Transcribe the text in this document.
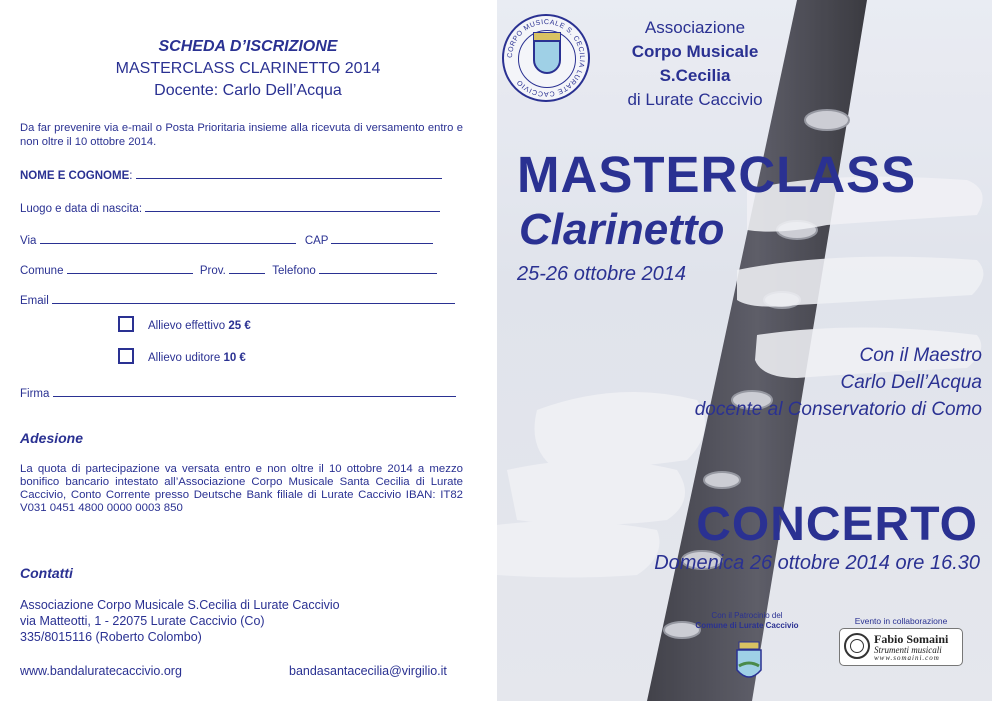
SCHEDA D’ISCRIZIONE
MASTERCLASS CLARINETTO 2014
Docente: Carlo Dell’Acqua
Da far prevenire via e-mail o Posta Prioritaria insieme alla ricevuta di versamento entro e non oltre il 10 ottobre 2014.
NOME E COGNOME:
Luogo e data di nascita:
Via	CAP
Comune	Prov.	Telefono
Email
Allievo effettivo 25 €
Allievo uditore 10 €
Firma
Adesione
La quota di partecipazione va versata entro e non oltre il 10 ottobre 2014 a mezzo bonifico bancario intestato all’Associazione Corpo Musicale Santa Cecilia di Lurate Caccivio, Conto Corrente presso Deutsche Bank filiale di Lurate Caccivio IBAN: IT82 V031 0451 4800 0000 0003 850
Contatti
Associazione Corpo Musicale S.Cecilia di Lurate Caccivio
via Matteotti, 1 - 22075 Lurate Caccivio (Co)
335/8015116 (Roberto Colombo)
www.bandaluratecaccivio.org	bandasantacecilia@virgilio.it
CORPO MUSICALE S. CECILIA LURATE CACCIVIO
Associazione
Corpo Musicale
S.Cecilia
di Lurate Caccivio
MASTERCLASS
Clarinetto
25-26 ottobre 2014
Con il Maestro
Carlo Dell’Acqua
docente al Conservatorio di Como
CONCERTO
Domenica 26 ottobre 2014 ore 16.30
Con il Patrocinio del
Comune di Lurate Caccivio	Evento in collaborazione
Fabio Somaini
Strumenti musicali
www.somaini.com
